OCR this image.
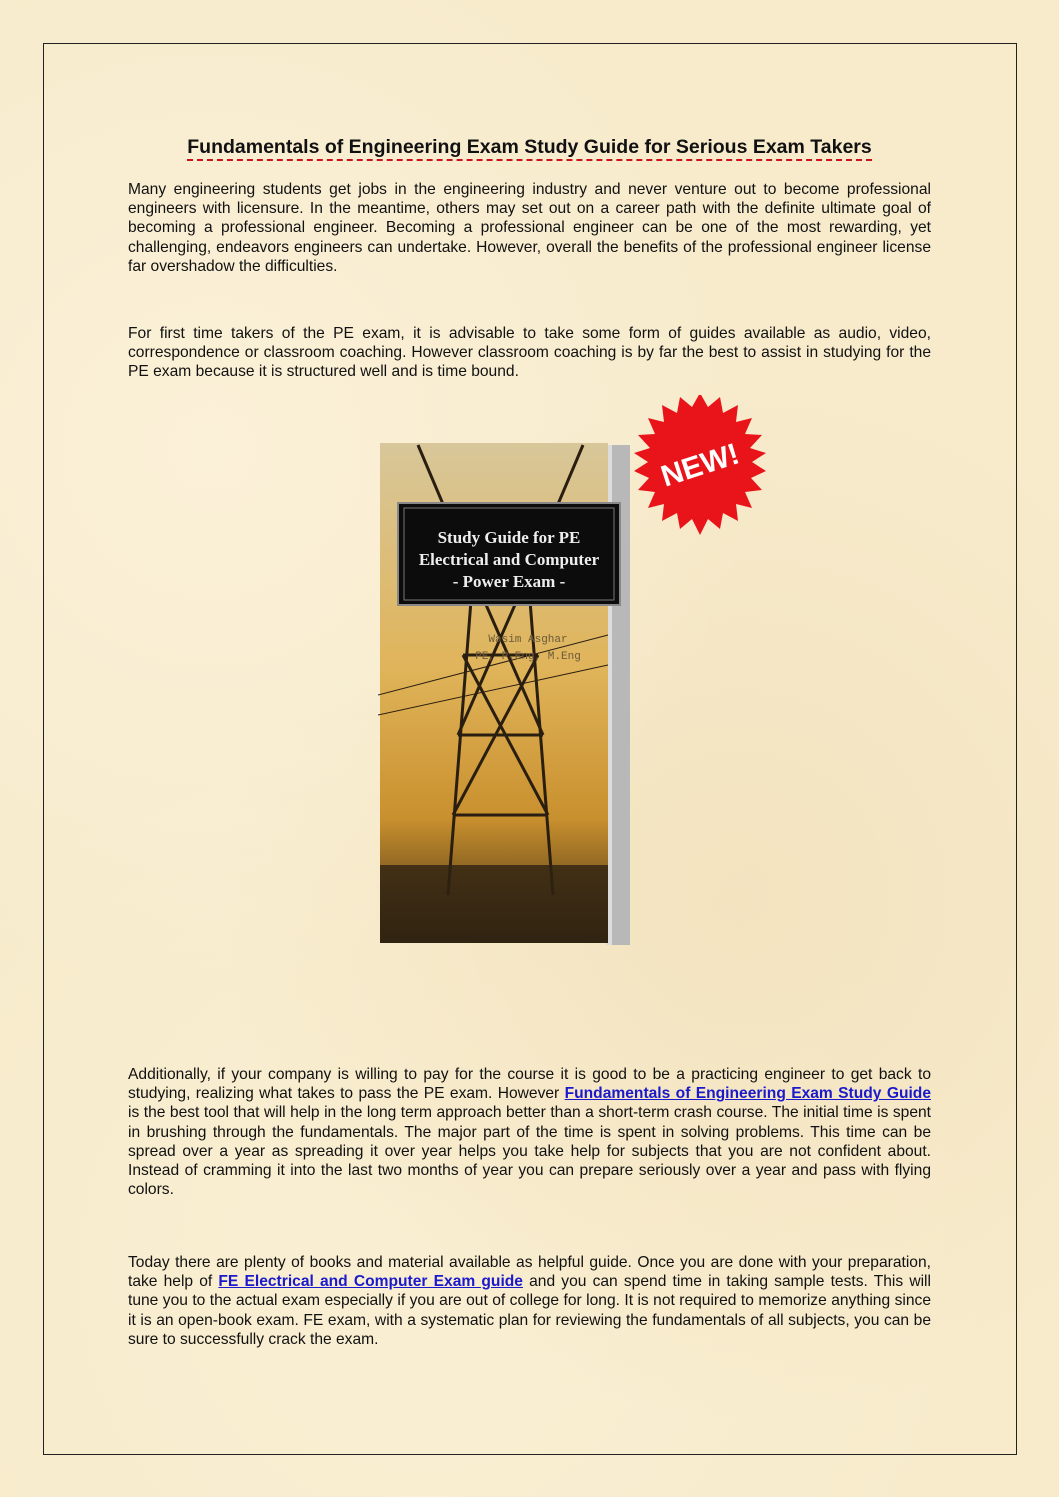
Fundamentals of Engineering Exam Study Guide for Serious Exam Takers

Many engineering students get jobs in the engineering industry and never venture out to become professional engineers with licensure. In the meantime, others may set out on a career path with the definite ultimate goal of becoming a professional engineer. Becoming a professional engineer can be one of the most rewarding, yet challenging, endeavors engineers can undertake. However, overall the benefits of the professional engineer license far overshadow the difficulties.

For first time takers of the PE exam, it is advisable to take some form of guides available as audio, video, correspondence or classroom coaching. However classroom coaching is by far the best to assist in studying for the PE exam because it is structured well and is time bound.

Study Guide for PE
Electrical and Computer
- Power Exam -
Wasim Asghar
PE, P.Eng, M.Eng
NEW!

Additionally, if your company is willing to pay for the course it is good to be a practicing engineer to get back to studying, realizing what takes to pass the PE exam. However Fundamentals of Engineering Exam Study Guide is the best tool that will help in the long term approach better than a short-term crash course. The initial time is spent in brushing through the fundamentals. The major part of the time is spent in solving problems. This time can be spread over a year as spreading it over year helps you take help for subjects that you are not confident about. Instead of cramming it into the last two months of year you can prepare seriously over a year and pass with flying colors.

Today there are plenty of books and material available as helpful guide. Once you are done with your preparation, take help of FE Electrical and Computer Exam guide and you can spend time in taking sample tests. This will tune you to the actual exam especially if you are out of college for long. It is not required to memorize anything since it is an open-book exam. FE exam, with a systematic plan for reviewing the fundamentals of all subjects, you can be sure to successfully crack the exam.
